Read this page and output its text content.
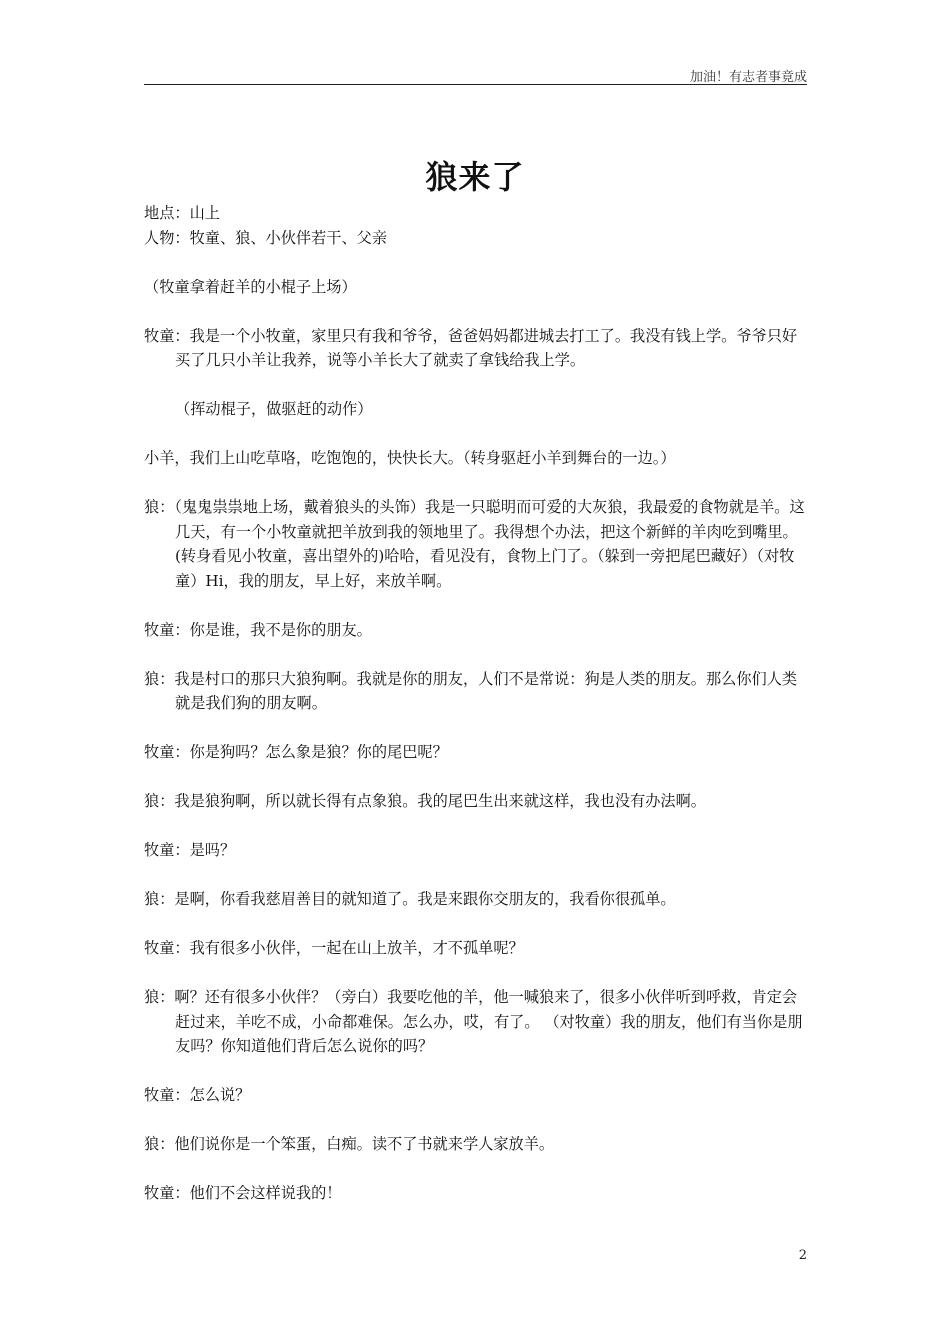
加油！有志者事竟成
狼来了

地点：山上

人物：牧童、狼、小伙伴若干、父亲

（牧童拿着赶羊的小棍子上场）

牧童：我是一个小牧童，家里只有我和爷爷，爸爸妈妈都进城去打工了。我没有钱上学。爷爷只好买了几只小羊让我养，说等小羊长大了就卖了拿钱给我上学。

（挥动棍子，做驱赶的动作）

小羊，我们上山吃草咯，吃饱饱的，快快长大。（转身驱赶小羊到舞台的一边。）

狼：（鬼鬼祟祟地上场，戴着狼头的头饰）我是一只聪明而可爱的大灰狼，我最爱的食物就是羊。这几天，有一个小牧童就把羊放到我的领地里了。我得想个办法，把这个新鲜的羊肉吃到嘴里。 (转身看见小牧童，喜出望外的)哈哈，看见没有，食物上门了。（躲到一旁把尾巴藏好）（对牧童）Hi，我的朋友，早上好，来放羊啊。

牧童：你是谁，我不是你的朋友。

狼：我是村口的那只大狼狗啊。我就是你的朋友，人们不是常说：狗是人类的朋友。那么你们人类就是我们狗的朋友啊。

牧童：你是狗吗？怎么象是狼？你的尾巴呢？

狼：我是狼狗啊，所以就长得有点象狼。我的尾巴生出来就这样，我也没有办法啊。

牧童：是吗？

狼：是啊，你看我慈眉善目的就知道了。我是来跟你交朋友的，我看你很孤单。

牧童：我有很多小伙伴，一起在山上放羊，才不孤单呢？

狼：啊？还有很多小伙伴？（旁白）我要吃他的羊，他一喊狼来了，很多小伙伴听到呼救，肯定会赶过来，羊吃不成，小命都难保。怎么办，哎，有了。 （对牧童）我的朋友，他们有当你是朋友吗？你知道他们背后怎么说你的吗？

牧童：怎么说？

狼：他们说你是一个笨蛋，白痴。读不了书就来学人家放羊。

牧童：他们不会这样说我的！

2
